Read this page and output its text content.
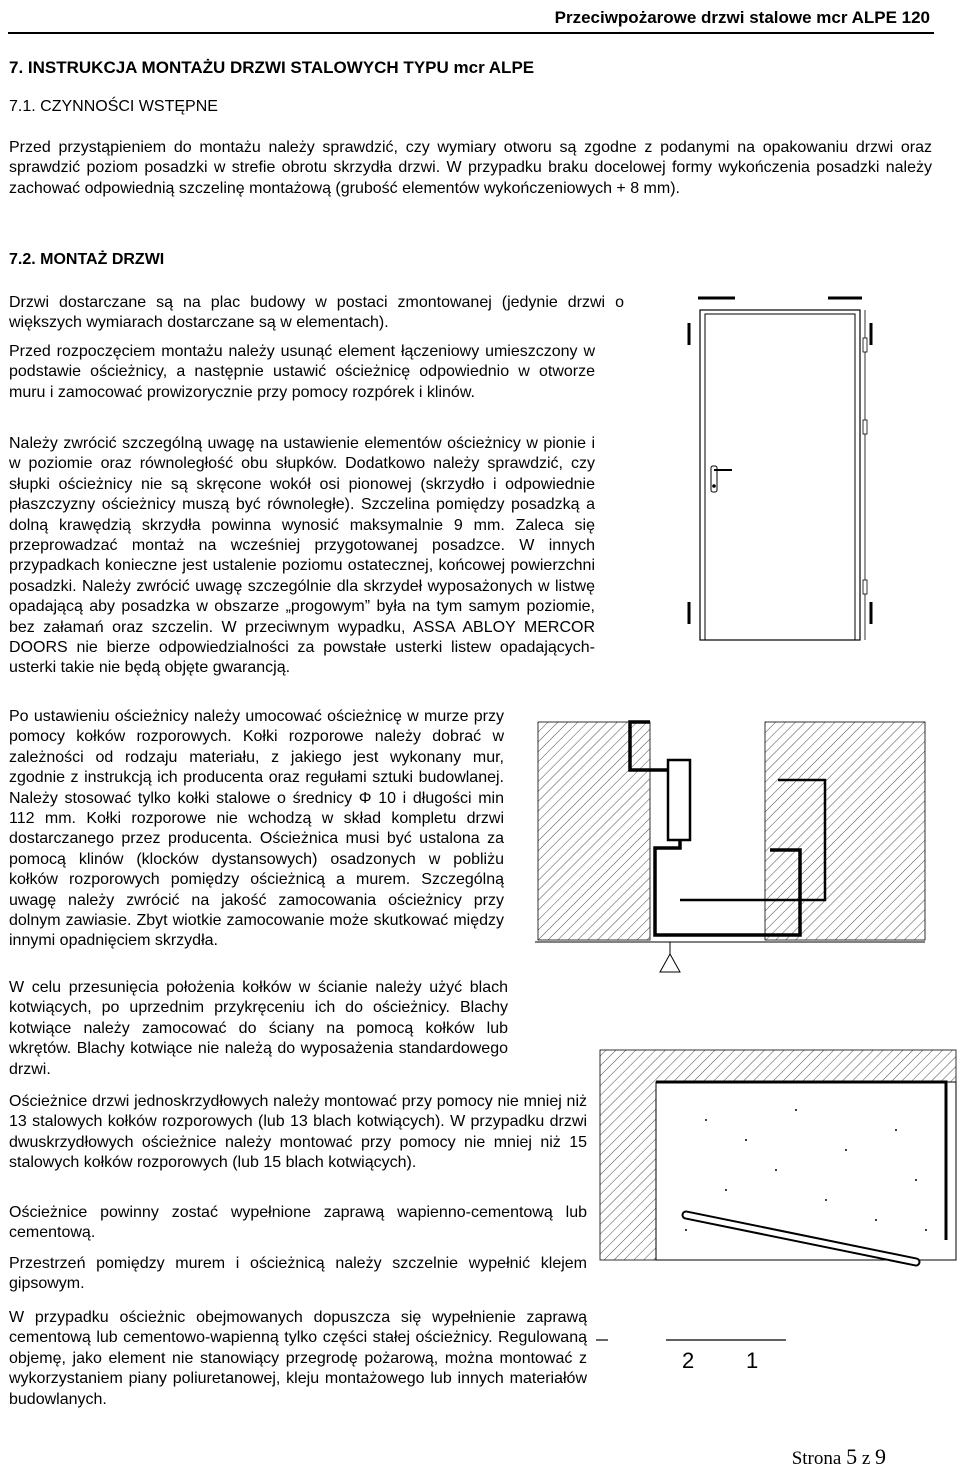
Przeciwpożarowe drzwi stalowe mcr ALPE 120
7. INSTRUKCJA MONTAŻU DRZWI STALOWYCH TYPU mcr ALPE
7.1. CZYNNOŚCI WSTĘPNE

Przed przystąpieniem do montażu należy sprawdzić, czy wymiary otworu są zgodne z podanymi na opakowaniu drzwi oraz sprawdzić poziom posadzki w strefie obrotu skrzydła drzwi. W przypadku braku docelowej formy wykończenia posadzki należy zachować odpowiednią szczelinę montażową (grubość elementów wykończeniowych + 8 mm).

7.2. MONTAŻ DRZWI

Drzwi dostarczane są na plac budowy w postaci zmontowanej (jedynie drzwi o większych wymiarach dostarczane są w elementach).

Przed rozpoczęciem montażu należy usunąć element łączeniowy umieszczony w podstawie ościeżnicy, a następnie ustawić ościeżnicę odpowiednio w otworze muru i zamocować prowizorycznie przy pomocy rozpórek i klinów.

Należy zwrócić szczególną uwagę na ustawienie elementów ościeżnicy w pionie i w poziomie oraz równoległość obu słupków. Dodatkowo należy sprawdzić, czy słupki ościeżnicy nie są skręcone wokół osi pionowej (skrzydło i odpowiednie płaszczyzny ościeżnicy muszą być równoległe). Szczelina pomiędzy posadzką a dolną krawędzią skrzydła powinna wynosić maksymalnie 9 mm. Zaleca się przeprowadzać montaż na wcześniej przygotowanej posadzce. W innych przypadkach konieczne jest ustalenie poziomu ostatecznej, końcowej powierzchni posadzki. Należy zwrócić uwagę szczególnie dla skrzydeł wyposażonych w listwę opadającą aby posadzka w obszarze „progowym” była na tym samym poziomie, bez załamań oraz szczelin. W przeciwnym wypadku, ASSA ABLOY MERCOR DOORS nie bierze odpowiedzialności za powstałe usterki listew opadających- usterki takie nie będą objęte gwarancją.

Po ustawieniu ościeżnicy należy umocować ościeżnicę w murze przy pomocy kołków rozporowych. Kołki rozporowe należy dobrać w zależności od rodzaju materiału, z jakiego jest wykonany mur, zgodnie z instrukcją ich producenta oraz regułami sztuki budowlanej. Należy stosować tylko kołki stalowe o średnicy Φ 10 i długości min 112 mm. Kołki rozporowe nie wchodzą w skład kompletu drzwi dostarczanego przez producenta. Ościeżnica musi być ustalona za pomocą klinów (klocków dystansowych) osadzonych w pobliżu kołków rozporowych pomiędzy ościeżnicą a murem. Szczególną uwagę należy zwrócić na jakość zamocowania ościeżnicy przy dolnym zawiasie. Zbyt wiotkie zamocowanie może skutkować między innymi opadnięciem skrzydła.

W celu przesunięcia położenia kołków w ścianie należy użyć blach kotwiących, po uprzednim przykręceniu ich do ościeżnicy. Blachy kotwiące należy zamocować do ściany na pomocą kołków lub wkrętów. Blachy kotwiące nie należą do wyposażenia standardowego drzwi.

Ościeżnice drzwi jednoskrzydłowych należy montować przy pomocy nie mniej niż 13 stalowych kołków rozporowych (lub 13 blach kotwiących). W przypadku drzwi dwuskrzydłowych ościeżnice należy montować przy pomocy nie mniej niż 15 stalowych kołków rozporowych (lub 15 blach kotwiących).

Ościeżnice powinny zostać wypełnione zaprawą wapienno-cementową lub cementową.

Przestrzeń pomiędzy murem i ościeżnicą należy szczelnie wypełnić klejem gipsowym.

W przypadku ościeżnic obejmowanych dopuszcza się wypełnienie zaprawą cementową lub cementowo-wapienną tylko części stałej ościeżnicy. Regulowaną objemę, jako element nie stanowiący przegrodę pożarową, można montować z wykorzystaniem piany poliuretanowej, kleju montażowego lub innych materiałów budowlanych.

2 1
Strona 5 z 9
